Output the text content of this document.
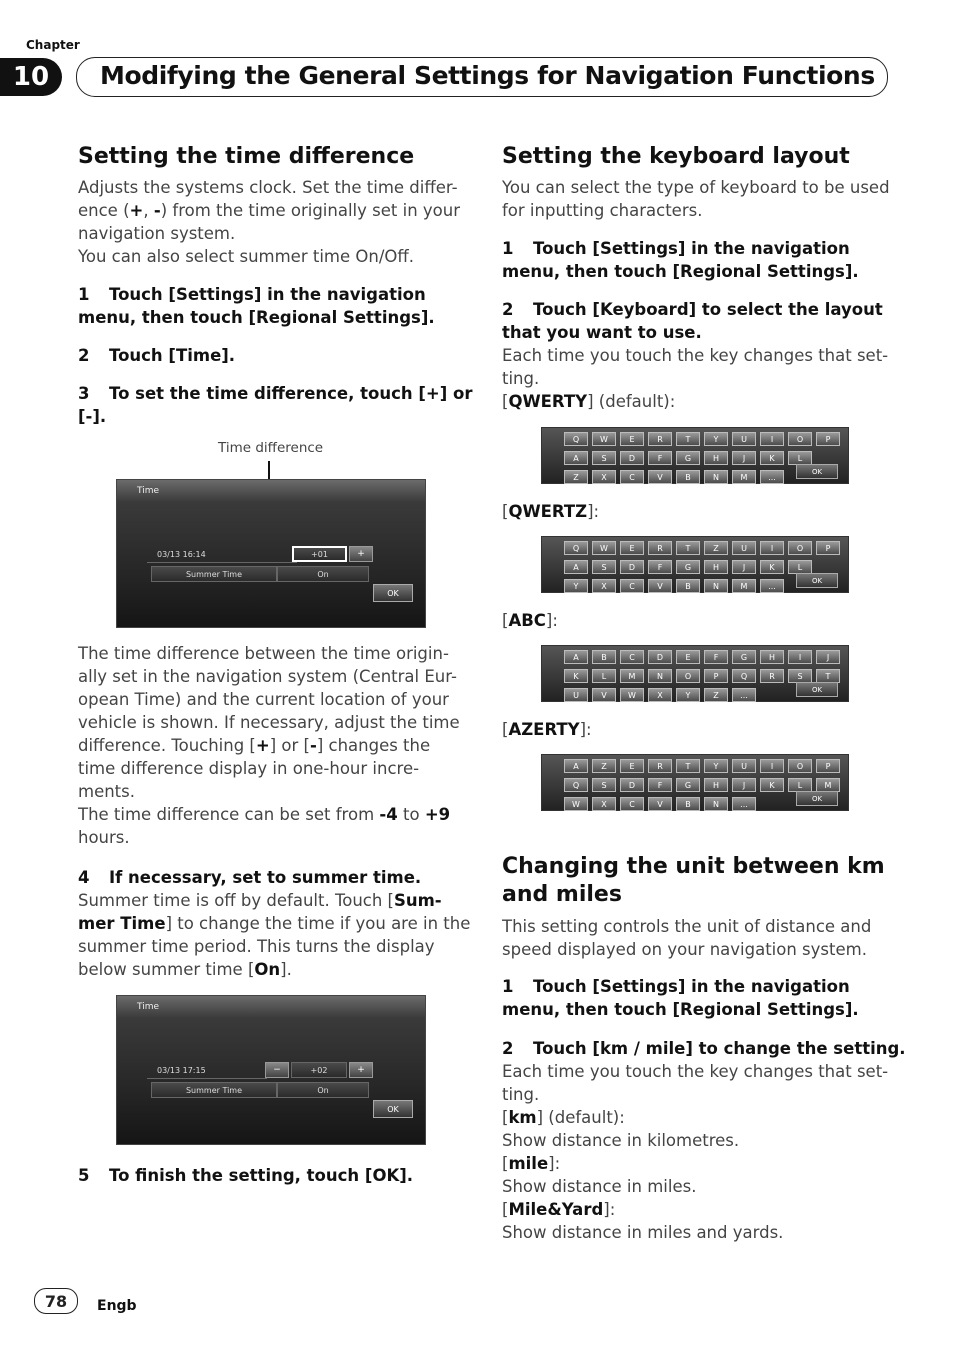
Chapter
10	Modifying the General Settings for Navigation Functions
Setting the time difference

Adjusts the systems clock. Set the time differ-
ence (+, -) from the time originally set in your
navigation system.
You can also select summer time On/Off.

1 Touch [Settings] in the navigation
menu, then touch [Regional Settings].

2 Touch [Time].

3 To set the time difference, touch [+] or
[-].

Time difference
Time
03/13 16:14	+01	+
Summer Time	On
OK

The time difference between the time origin-
ally set in the navigation system (Central Eur-
opean Time) and the current location of your
vehicle is shown. If necessary, adjust the time
difference. Touching [+] or [-] changes the
time difference display in one-hour incre-
ments.
The time difference can be set from -4 to +9
hours.

4 If necessary, set to summer time.

Summer time is off by default. Touch [Sum-
mer Time] to change the time if you are in the
summer time period. This turns the display
below summer time [On].

Time
03/13 17:15	−	+02	+
Summer Time	On
OK

5 To finish the setting, touch [OK].

Setting the keyboard layout

You can select the type of keyboard to be used
for inputting characters.

1 Touch [Settings] in the navigation
menu, then touch [Regional Settings].

2 Touch [Keyboard] to select the layout
that you want to use.

Each time you touch the key changes that set-
ting.
[QWERTY] (default):

Q	W	E	R	T	Y	U	I	O	P
A	S	D	F	G	H	J	K	L
Z	X	C	V	B	N	M	...
OK

[QWERTZ]:

Q	W	E	R	T	Z	U	I	O	P
A	S	D	F	G	H	J	K	L
Y	X	C	V	B	N	M	...
OK

[ABC]:

A	B	C	D	E	F	G	H	I	J
K	L	M	N	O	P	Q	R	S	T
U	V	W	X	Y	Z	...
OK

[AZERTY]:

A	Z	E	R	T	Y	U	I	O	P
Q	S	D	F	G	H	J	K	L	M
W	X	C	V	B	N	...
OK
Changing the unit between km
and miles

This setting controls the unit of distance and
speed displayed on your navigation system.

1 Touch [Settings] in the navigation
menu, then touch [Regional Settings].

2 Touch [km / mile] to change the setting.

Each time you touch the key changes that set-
ting.
[km] (default):
Show distance in kilometres.
[mile]:
Show distance in miles.
[Mile&Yard]:
Show distance in miles and yards.

78	Engb
